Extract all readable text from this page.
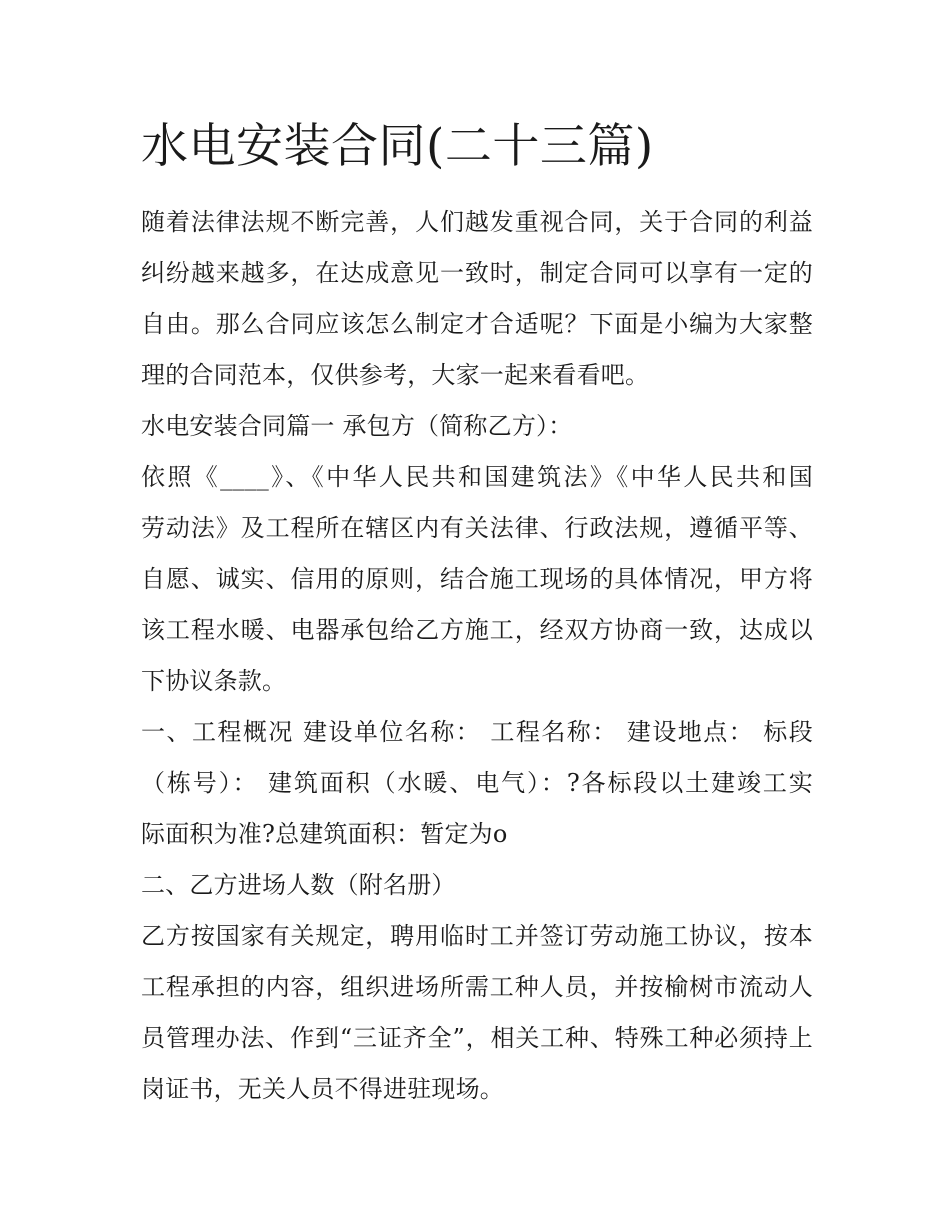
水电安装合同(二十三篇)
随着法律法规不断完善，人们越发重视合同，关于合同的利益
纠纷越来越多，在达成意见一致时，制定合同可以享有一定的
自由。那么合同应该怎么制定才合适呢？下面是小编为大家整
理的合同范本，仅供参考，大家一起来看看吧。
水电安装合同篇一 承包方（简称乙方）：
依照《____》、《中华人民共和国建筑法》《中华人民共和国
劳动法》及工程所在辖区内有关法律、行政法规，遵循平等、
自愿、诚实、信用的原则，结合施工现场的具体情况，甲方将
该工程水暖、电器承包给乙方施工，经双方协商一致，达成以
下协议条款。
一、工程概况 建设单位名称： 工程名称： 建设地点： 标段
（栋号）： 建筑面积（水暖、电气）：?各标段以土建竣工实
际面积为准?总建筑面积：暂定为o
二、乙方进场人数（附名册）
乙方按国家有关规定，聘用临时工并签订劳动施工协议，按本
工程承担的内容，组织进场所需工种人员，并按榆树市流动人
员管理办法、作到“三证齐全”，相关工种、特殊工种必须持上
岗证书，无关人员不得进驻现场。
